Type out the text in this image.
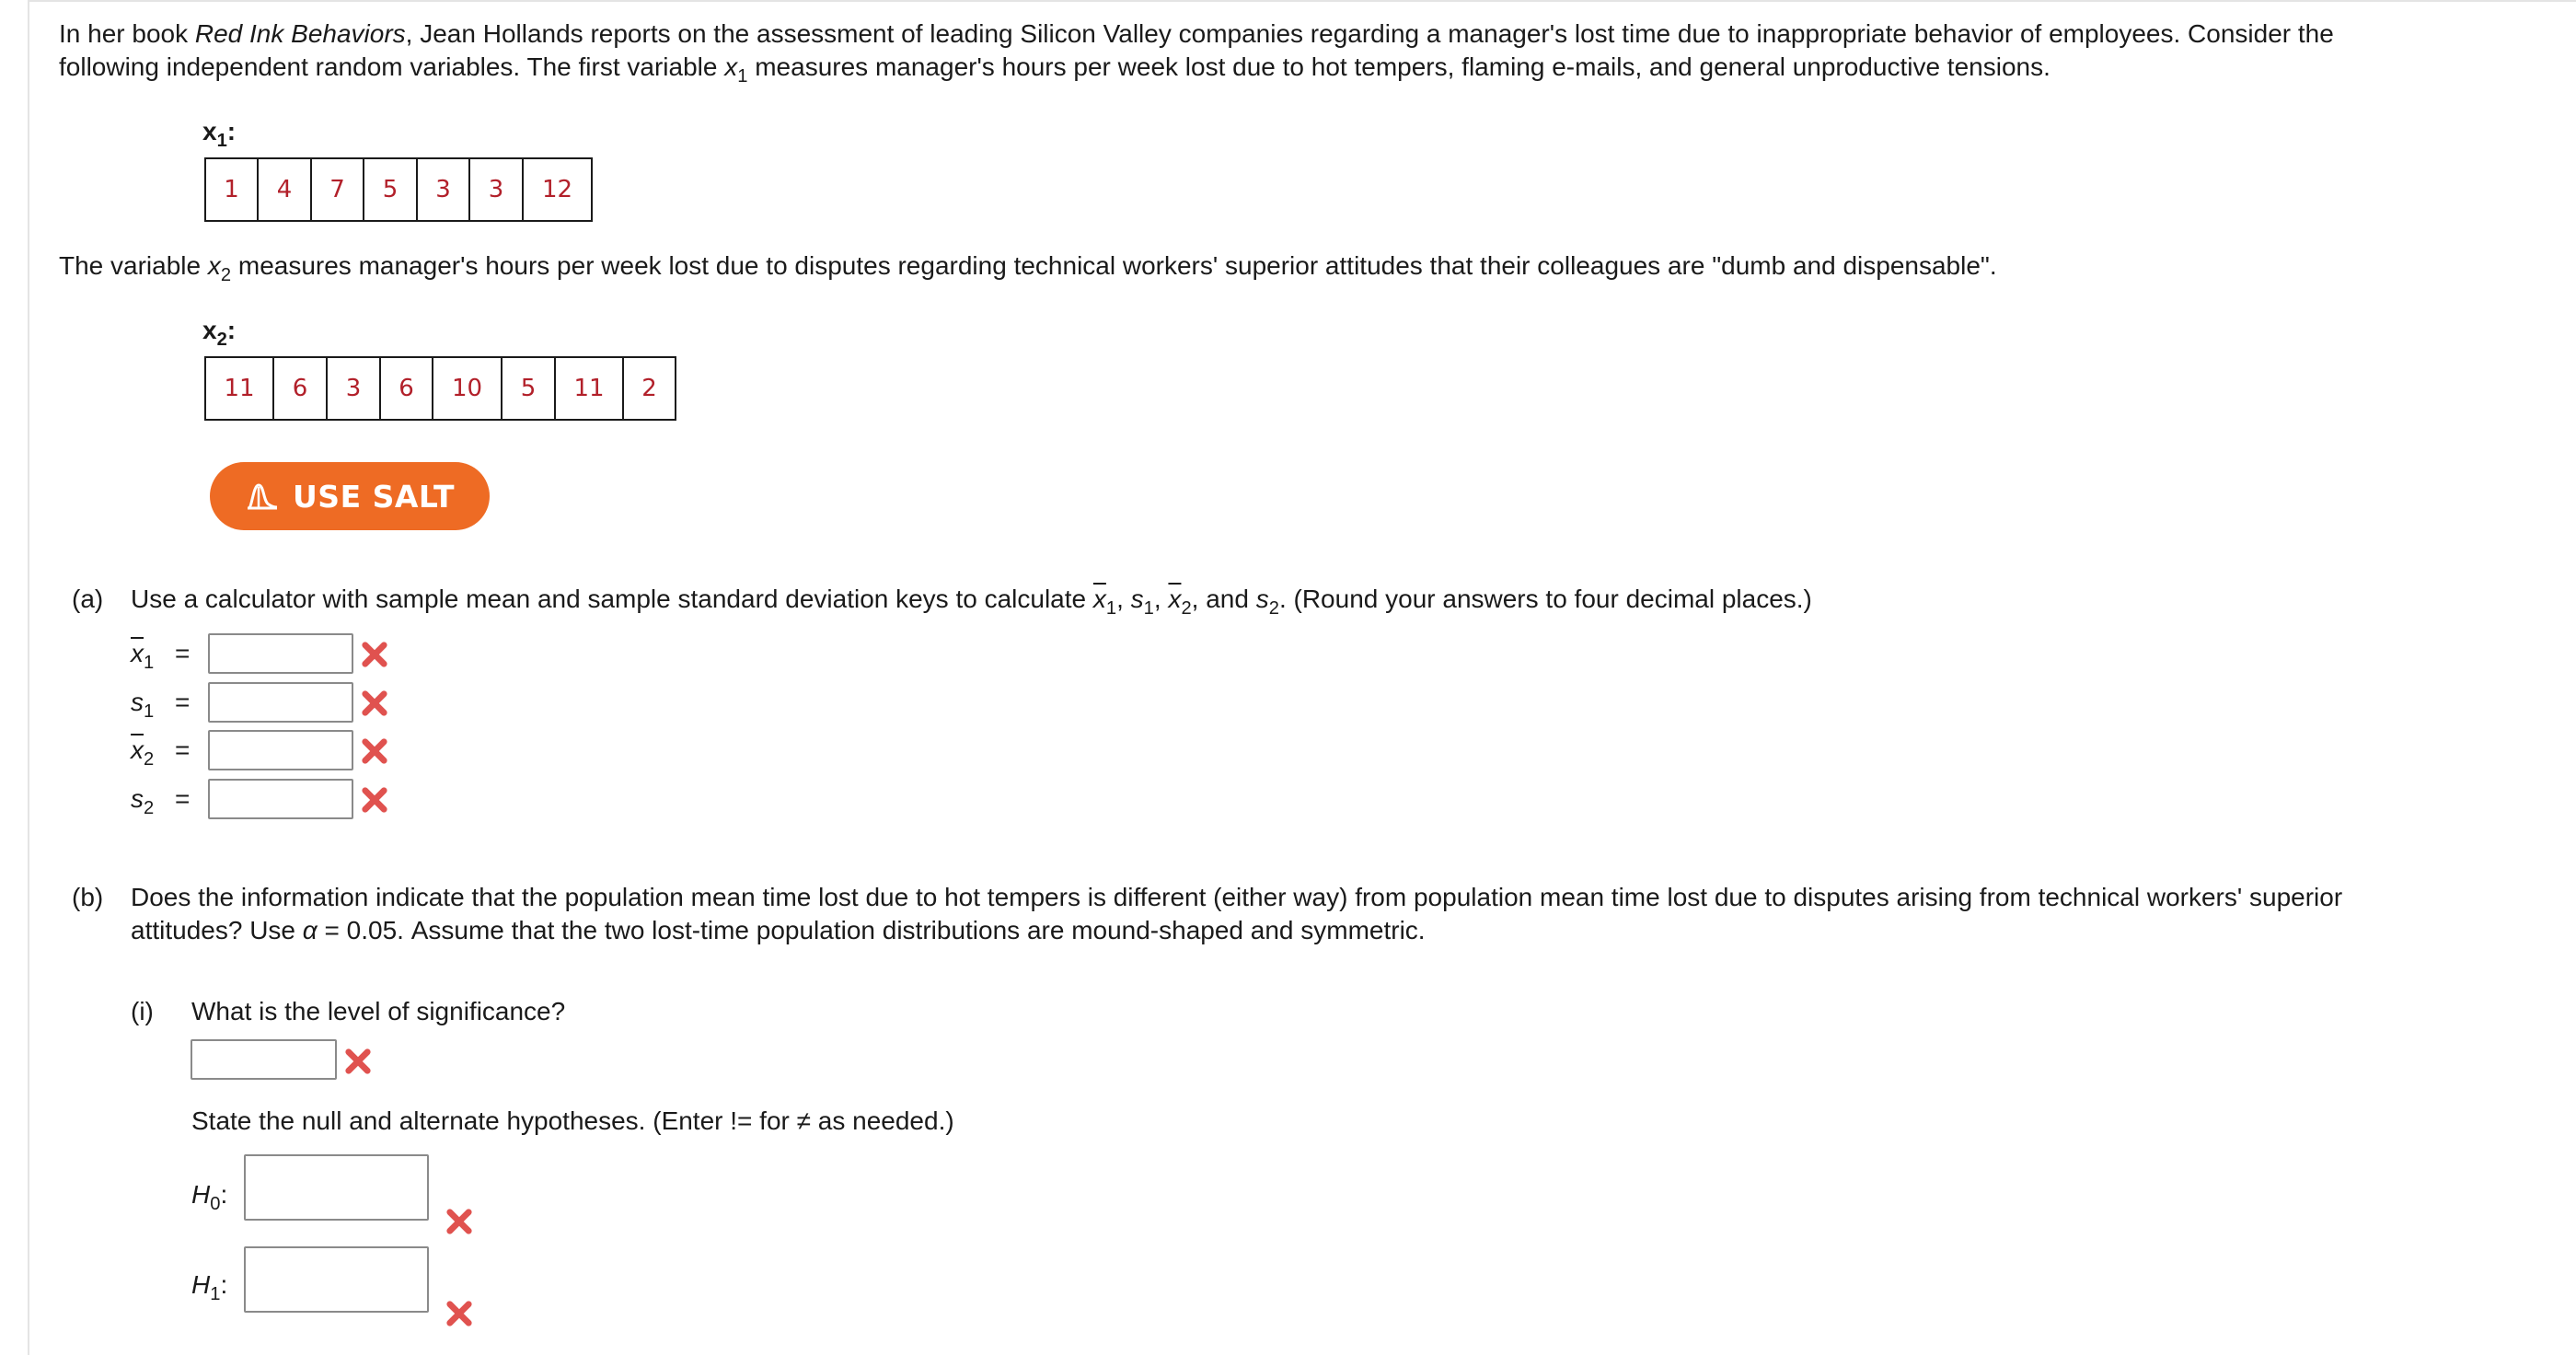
In her book Red Ink Behaviors, Jean Hollands reports on the assessment of leading Silicon Valley companies regarding a manager's lost time due to inappropriate behavior of employees. Consider the
following independent random variables. The first variable $x_1$ measures manager's hours per week lost due to hot tempers, flaming e-mails, and general unproductive tensions.
$x_1$:
1	4	7	5	3	3	12
The variable $x_2$ measures manager's hours per week lost due to disputes regarding technical workers' superior attitudes that their colleagues are "dumb and dispensable".
$x_2$:
11	6	3	6	10	5	11	2
USE SALT
(a) Use a calculator with sample mean and sample standard deviation keys to calculate $\overline{x}_1$, $s_1$, $\overline{x}_2$, and $s_2$. (Round your answers to four decimal places.)
$\overline{x}_1$ =
$s_1$ =
$\overline{x}_2$ =
$s_2$ =
(b) Does the information indicate that the population mean time lost due to hot tempers is different (either way) from population mean time lost due to disputes arising from technical workers' superior
attitudes? Use α = 0.05. Assume that the two lost-time population distributions are mound-shaped and symmetric.
(i) What is the level of significance?
State the null and alternate hypotheses. (Enter != for ≠ as needed.)
$H_0$:
$H_1$:
